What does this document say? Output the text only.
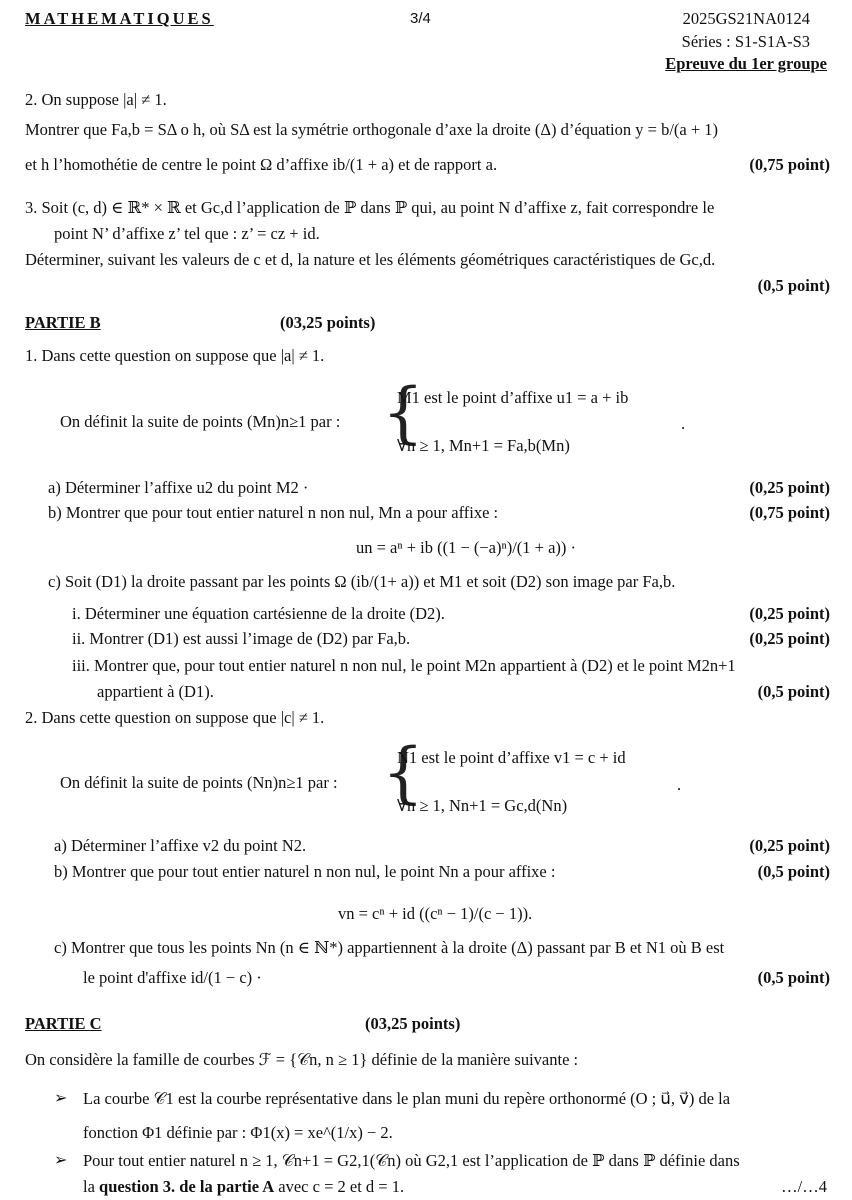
MATHEMATIQUES	3/4	2025GS21NA0124
Séries : S1-S1A-S3
Epreuve du 1er groupe
{
{
➢
➢
la question 3. de la partie A avec c = 2 et d = 1.	…/…4
2. On suppose |a| ≠ 1.
Montrer que Fa,b = SΔ o h, où SΔ est la symétrie orthogonale d’axe la droite (Δ) d’équation y = b/(a + 1)
et h l’homothétie de centre le point Ω d’affixe ib/(1 + a) et de rapport a.
3. Soit (c, d) ∈ ℝ* × ℝ et Gc,d l’application de ℙ dans ℙ qui, au point N d’affixe z, fait correspondre le
point N’ d’affixe z’ tel que : z’ = cz + id.
Déterminer, suivant les valeurs de c et d, la nature et les éléments géométriques caractéristiques de Gc,d.
1. Dans cette question on suppose que |a| ≠ 1.
On définit la suite de points (Mn)n≥1 par :
M1 est le point d’affixe u1 = a + ib
∀n ≥ 1, Mn+1 = Fa,b(Mn)
.
a) Déterminer l’affixe u2 du point M2 ·
b) Montrer que pour tout entier naturel n non nul, Mn a pour affixe :
un = aⁿ + ib ((1 − (−a)ⁿ)/(1 + a)) ·
c) Soit (D1) la droite passant par les points Ω (ib/(1+ a)) et M1 et soit (D2) son image par Fa,b.
i. Déterminer une équation cartésienne de la droite (D2).
ii. Montrer (D1) est aussi l’image de (D2) par Fa,b.
iii. Montrer que, pour tout entier naturel n non nul, le point M2n appartient à (D2) et le point M2n+1
appartient à (D1).
2. Dans cette question on suppose que |c| ≠ 1.
On définit la suite de points (Nn)n≥1 par :
N1 est le point d’affixe v1 = c + id
∀n ≥ 1, Nn+1 = Gc,d(Nn)
.
a) Déterminer l’affixe v2 du point N2.
b) Montrer que pour tout entier naturel n non nul, le point Nn a pour affixe :
vn = cⁿ + id ((cⁿ − 1)/(c − 1)).
c) Montrer que tous les points Nn (n ∈ ℕ*) appartiennent à la droite (Δ) passant par B et N1 où B est
le point d'affixe id/(1 − c) ·
On considère la famille de courbes ℱ = {𝒞n, n ≥ 1} définie de la manière suivante :
La courbe 𝒞1 est la courbe représentative dans le plan muni du repère orthonormé (O ; u⃗, v⃗) de la
fonction Φ1 définie par : Φ1(x) = xe^(1/x) − 2.
Pour tout entier naturel n ≥ 1, 𝒞n+1 = G2,1(𝒞n) où G2,1 est l’application de ℙ dans ℙ définie dans
(0,75 point)
(0,5 point)
(0,25 point)
(0,75 point)
(0,25 point)
(0,25 point)
(0,5 point)
(0,25 point)
(0,5 point)
(0,5 point)
PARTIE B	(03,25 points)
PARTIE C	(03,25 points)
